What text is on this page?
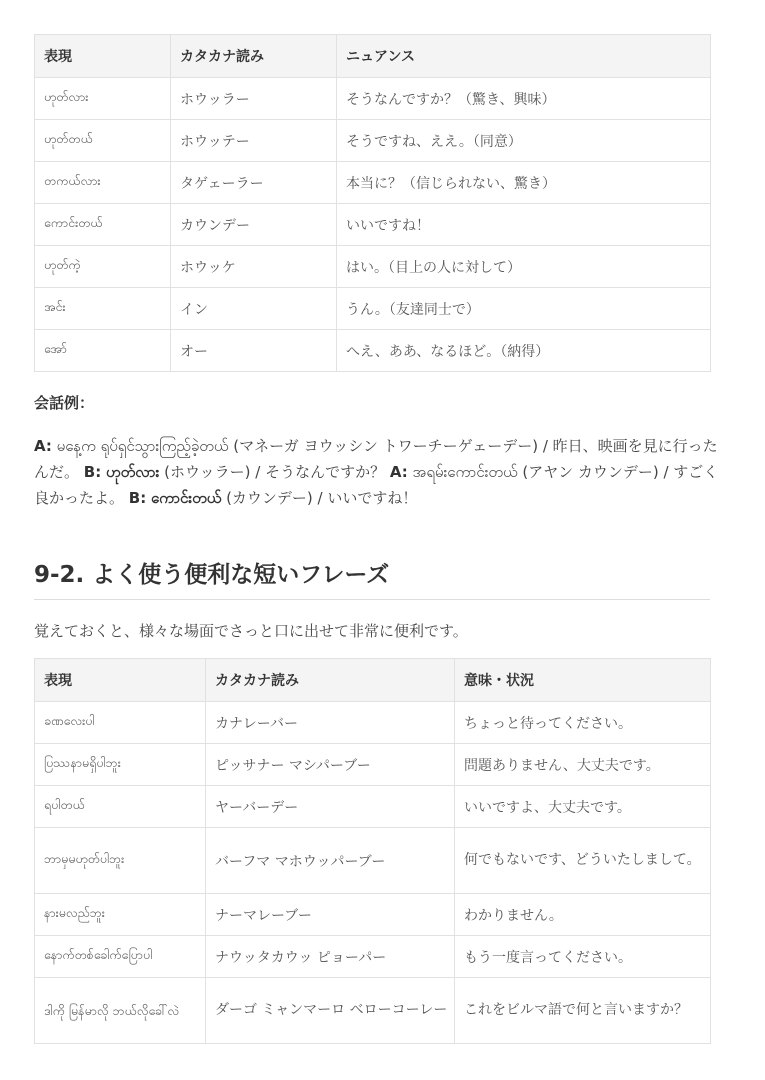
表現	カタカナ読み	ニュアンス
ဟုတ်လား	ホウッラー	そうなんですか？（驚き、興味）
ဟုတ်တယ်	ホウッテー	そうですね、ええ。（同意）
တကယ်လား	タゲェーラー	本当に？（信じられない、驚き）
ကောင်းတယ်	カウンデー	いいですね！
ဟုတ်ကဲ့	ホウッケ	はい。（目上の人に対して）
အင်း	イン	うん。（友達同士で）
အော်	オー	へえ、ああ、なるほど。（納得）
会話例：
A: မနေ့က ရုပ်ရှင်သွားကြည့်ခဲ့တယ် (マネーガ ヨウッシン トワーチーゲェーデー) / 昨日、映画を見に行ったんだ。 B: ဟုတ်လား (ホウッラー) / そうなんですか？ A: အရမ်းကောင်းတယ် (アヤン カウンデー) / すごく良かったよ。 B: ကောင်းတယ် (カウンデー) / いいですね！
9-2. よく使う便利な短いフレーズ
覚えておくと、様々な場面でさっと口に出せて非常に便利です。
表現	カタカナ読み	意味・状況
ခဏလေးပါ	カナレーバー	ちょっと待ってください。
ပြဿနာမရှိပါဘူး	ピッサナー マシパーブー	問題ありません、大丈夫です。
ရပါတယ်	ヤーバーデー	いいですよ、大丈夫です。
ဘာမှမဟုတ်ပါဘူး	バーフマ マホウッパーブー	何でもないです、どういたしまして。
နားမလည်ဘူး	ナーマレーブー	わかりません。
နောက်တစ်ခေါက်ပြောပါ	ナウッタカウッ ピョーパー	もう一度言ってください。
ဒါကို မြန်မာလို ဘယ်လိုခေါ်လဲ	ダーゴ ミャンマーロ ベローコーレー	これをビルマ語で何と言いますか？
